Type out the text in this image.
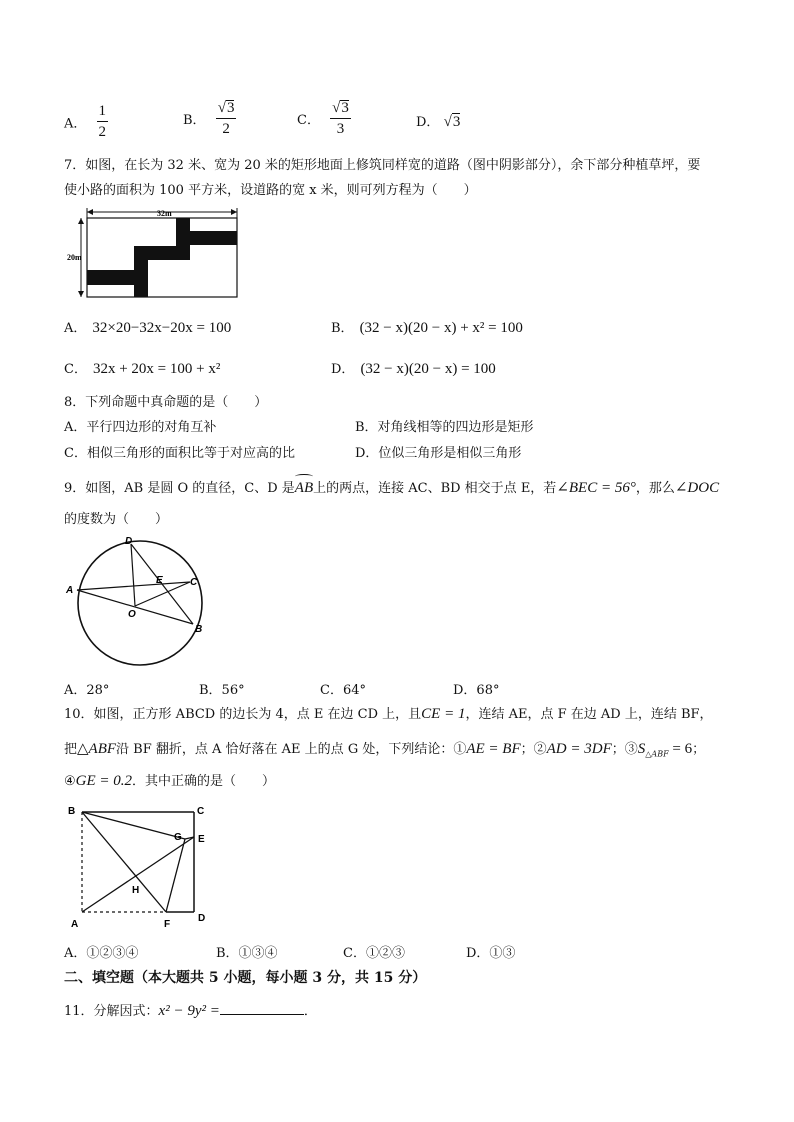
A． $\frac{1}{2}$	B． $\frac{√3}{2}$	C． $\frac{√3}{3}$	D． √3
7．如图，在长为 32 米、宽为 20 米的矩形地面上修筑同样宽的道路（图中阴影部分），余下部分种植草坪，要
使小路的面积为 100 平方米，设道路的宽 x 米，则可列方程为（　　）
32m
20m
A． 32×20−32x−20x = 100	B． (32 − x)(20 − x) + x² = 100
C． 32x + 20x = 100 + x²	D． (32 − x)(20 − x) = 100
8．下列命题中真命题的是（　　）
A．平行四边形的对角互补	B．对角线相等的四边形是矩形
C．相似三角形的面积比等于对应高的比	D．位似三角形是相似三角形
9．如图，AB 是圆 O 的直径，C、D 是
AB上的两点，连接 AC、BD 相交于点 E，若∠BEC = 56°，那么∠DOC
的度数为（　　）
A
B
C
D
E
O
A．28°	B．56°	C．64°	D．68°
10．如图，正方形 ABCD 的边长为 4，点 E 在边 CD 上，且CE = 1，连结 AE，点 F 在边 AD 上，连结 BF，
把△ABF沿 BF 翻折，点 A 恰好落在 AE 上的点 G 处，下列结论：①AE = BF；②AD = 3DF；$③S_{\triangle ABF} = 6$；
④GE = 0.2．其中正确的是（　　）
B	C
D
A
E
F
G
H
A．①②③④	B．①③④	C．①②③	D．①③
二、填空题（本大题共 5 小题，每小题 3 分，共 15 分）
11．分解因式：x² − 9y² =	．
